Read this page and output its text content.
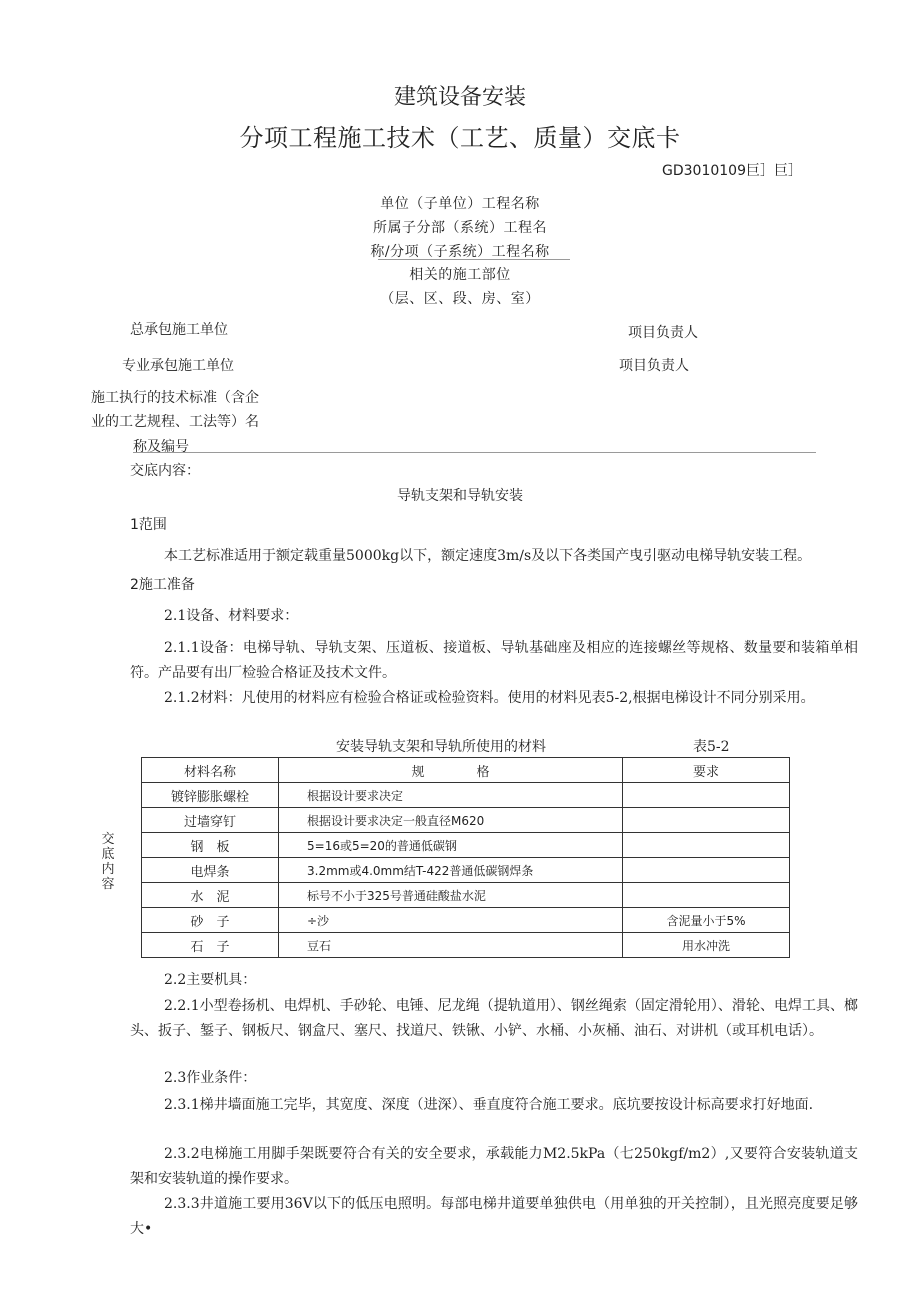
建筑设备安装
分项工程施工技术（工艺、质量）交底卡
GD3010109巨］巨］
单位（子单位）工程名称
所属子分部（系统）工程名
称/分项（子系统）工程名称
相关的施工部位
（层、区、段、房、室）
总承包施工单位	项目负责人
专业承包施工单位	项目负责人
施工执行的技术标准（含企
业的工艺规程、工法等）名
称及编号
交底内容：
导轨支架和导轨安装
1范围
本工艺标准适用于额定载重量5000kg以下，额定速度3m∕s及以下各类国产曳引驱动电梯导轨安装工程。
2施工准备
2.1设备、材料要求：
2.1.1设备：电梯导轨、导轨支架、压道板、接道板、导轨基础座及相应的连接螺丝等规格、数量要和装箱单相符。产品要有出厂检验合格证及技术文件。
2.1.2材料：凡使用的材料应有检验合格证或检验资料。使用的材料见表5-2,根据电梯设计不同分别采用。
安装导轨支架和导轨所使用的材料	表5-2
交底内容
材料名称	规　　　　格	要求
镀锌膨胀螺栓	根据设计要求决定	
过墙穿钉	根据设计要求决定一般直径M620	
钢　板	5=16或5=20的普通低碳钢	
电焊条	3.2mm或4.0mm结T-422普通低碳钢焊条	
水　泥	标号不小于325号普通硅酸盐水泥	
砂　子	÷沙	含泥量小于5%
石　子	豆石	用水冲洗
2.2主要机具：
2.2.1小型卷扬机、电焊机、手砂轮、电锤、尼龙绳（提轨道用）、钢丝绳索（固定滑轮用）、滑轮、电焊工具、榔头、扳子、錾子、钢板尺、钢盒尺、塞尺、找道尺、铁锹、小铲、水桶、小灰桶、油石、对讲机（或耳机电话）。
2.3作业条件：
2.3.1梯井墙面施工完毕，其宽度、深度（进深）、垂直度符合施工要求。底坑要按设计标高要求打好地面.
2.3.2电梯施工用脚手架既要符合有关的安全要求，承载能力M2.5kPa（七250kgf/m2）,又要符合安装轨道支架和安装轨道的操作要求。
2.3.3井道施工要用36V以下的低压电照明。每部电梯井道要单独供电（用单独的开关控制），且光照亮度要足够大•
